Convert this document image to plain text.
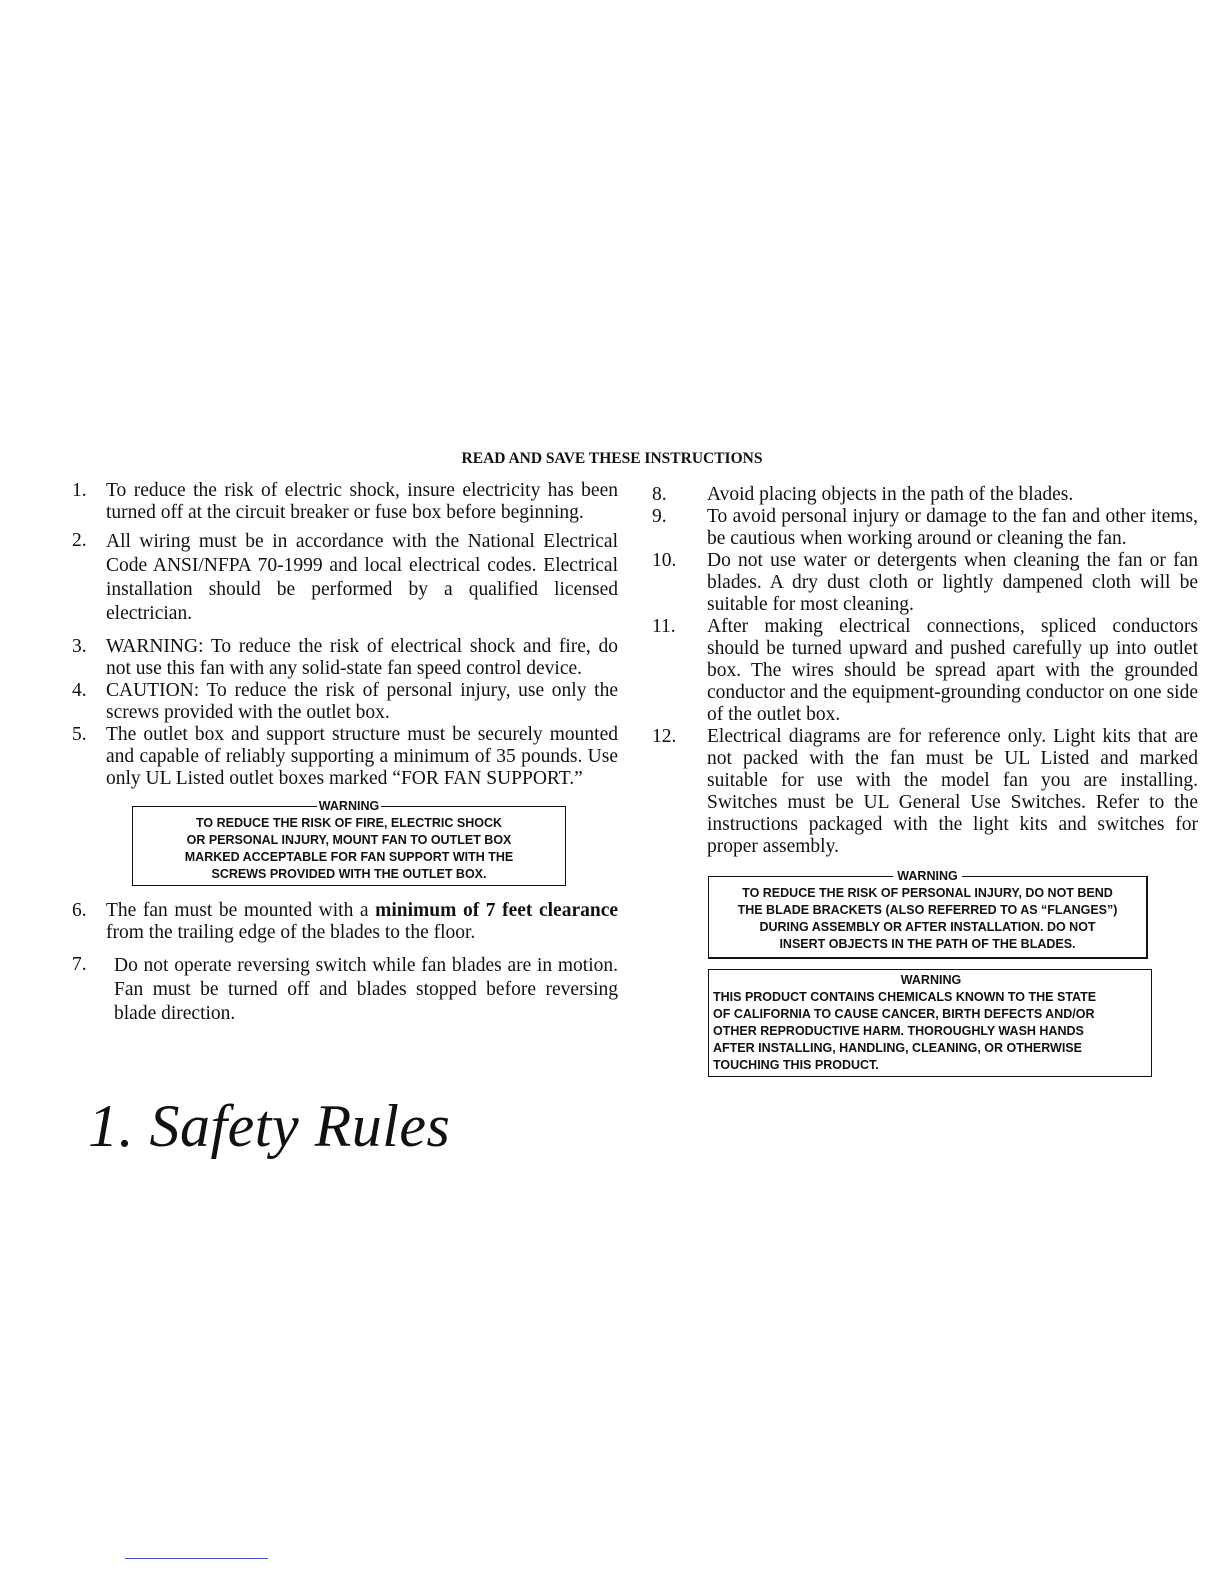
READ AND SAVE THESE INSTRUCTIONS
1. To reduce the risk of electric shock, insure electricity has been turned off at the circuit breaker or fuse box before beginning.

2. All wiring must be in accordance with the National Electrical Code ANSI/NFPA 70-1999 and local electrical codes. Electrical installation should be performed by a qualified licensed electrician.

3. WARNING: To reduce the risk of electrical shock and fire, do not use this fan with any solid-state fan speed control device.

4. CAUTION: To reduce the risk of personal injury, use only the screws provided with the outlet box.

5. The outlet box and support structure must be securely mounted and capable of reliably supporting a minimum of 35 pounds. Use only UL Listed outlet boxes marked “FOR FAN SUPPORT.”

WARNING
TO REDUCE THE RISK OF FIRE, ELECTRIC SHOCK
OR PERSONAL INJURY, MOUNT FAN TO OUTLET BOX
MARKED ACCEPTABLE FOR FAN SUPPORT WITH THE
SCREWS PROVIDED WITH THE OUTLET BOX.
6. The fan must be mounted with a minimum of 7 feet clearance from the trailing edge of the blades to the floor.

7.	Do not operate reversing switch while fan blades are in motion. Fan must be turned off and blades stopped before reversing blade direction.

8.	Avoid placing objects in the path of the blades.

9.	To avoid personal injury or damage to the fan and other items, be cautious when working around or cleaning the fan.

10.	Do not use water or detergents when cleaning the fan or fan blades. A dry dust cloth or lightly dampened cloth will be suitable for most cleaning.

11.	After making electrical connections, spliced conductors should be turned upward and pushed carefully up into outlet box. The wires should be spread apart with the grounded conductor and the equipment-grounding conductor on one side of the outlet box.

12.	Electrical diagrams are for reference only. Light kits that are not packed with the fan must be UL Listed and marked suitable for use with the model fan you are installing. Switches must be UL General Use Switches. Refer to the instructions packaged with the light kits and switches for proper assembly.

WARNING
TO REDUCE THE RISK OF PERSONAL INJURY, DO NOT BEND
THE BLADE BRACKETS (ALSO REFERRED TO AS “FLANGES”)
DURING ASSEMBLY OR AFTER INSTALLATION. DO NOT
INSERT OBJECTS IN THE PATH OF THE BLADES.
WARNING
THIS PRODUCT CONTAINS CHEMICALS KNOWN TO THE STATE
OF CALIFORNIA TO CAUSE CANCER, BIRTH DEFECTS AND/OR
OTHER REPRODUCTIVE HARM. THOROUGHLY WASH HANDS
AFTER INSTALLING, HANDLING, CLEANING, OR OTHERWISE
TOUCHING THIS PRODUCT.
1. Safety Rules
